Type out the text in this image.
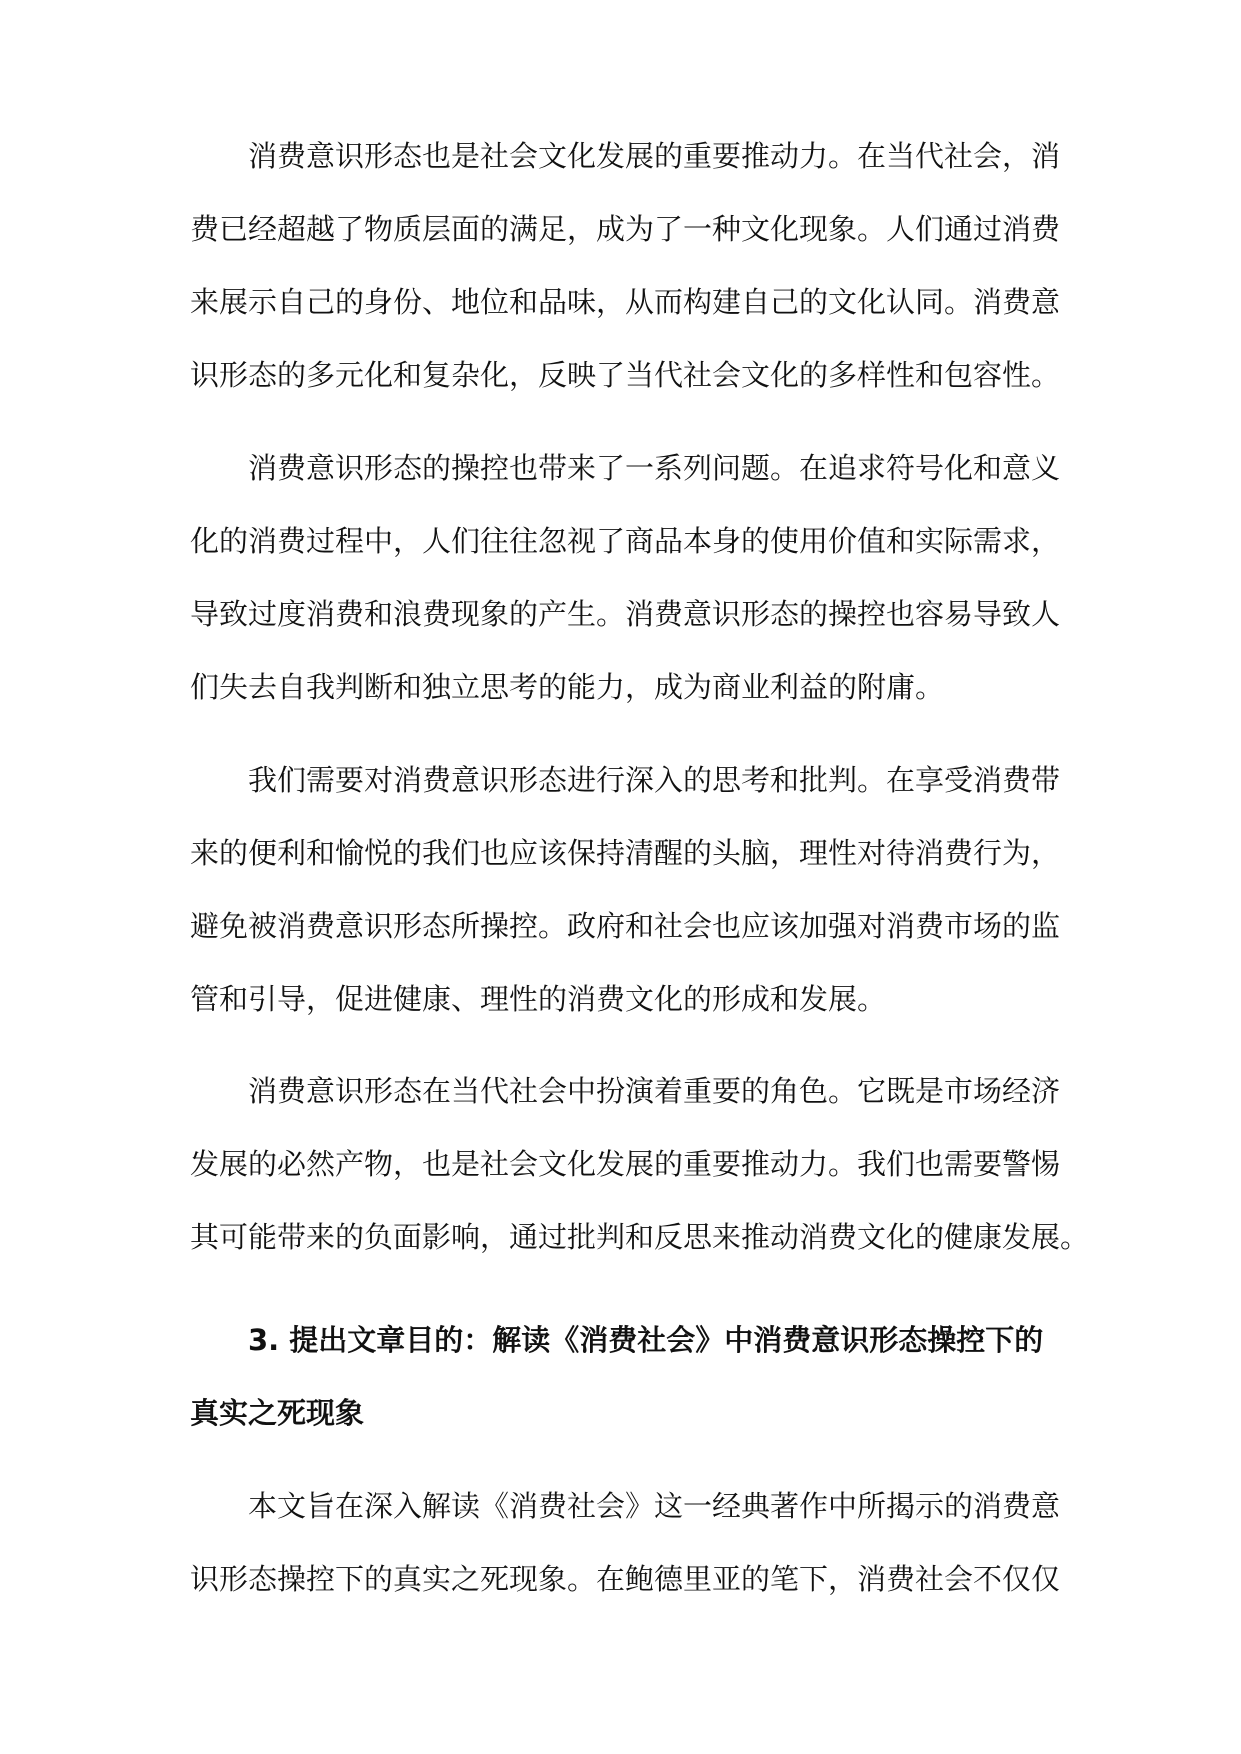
消费意识形态也是社会文化发展的重要推动力。在当代社会，消
费已经超越了物质层面的满足，成为了一种文化现象。人们通过消费
来展示自己的身份、地位和品味，从而构建自己的文化认同。消费意
识形态的多元化和复杂化，反映了当代社会文化的多样性和包容性。
消费意识形态的操控也带来了一系列问题。在追求符号化和意义
化的消费过程中，人们往往忽视了商品本身的使用价值和实际需求，
导致过度消费和浪费现象的产生。消费意识形态的操控也容易导致人
们失去自我判断和独立思考的能力，成为商业利益的附庸。
我们需要对消费意识形态进行深入的思考和批判。在享受消费带
来的便利和愉悦的我们也应该保持清醒的头脑，理性对待消费行为，
避免被消费意识形态所操控。政府和社会也应该加强对消费市场的监
管和引导，促进健康、理性的消费文化的形成和发展。
消费意识形态在当代社会中扮演着重要的角色。它既是市场经济
发展的必然产物，也是社会文化发展的重要推动力。我们也需要警惕
其可能带来的负面影响，通过批判和反思来推动消费文化的健康发展。
3. 提出文章目的：解读《消费社会》中消费意识形态操控下的
真实之死现象
本文旨在深入解读《消费社会》这一经典著作中所揭示的消费意
识形态操控下的真实之死现象。在鲍德里亚的笔下，消费社会不仅仅
